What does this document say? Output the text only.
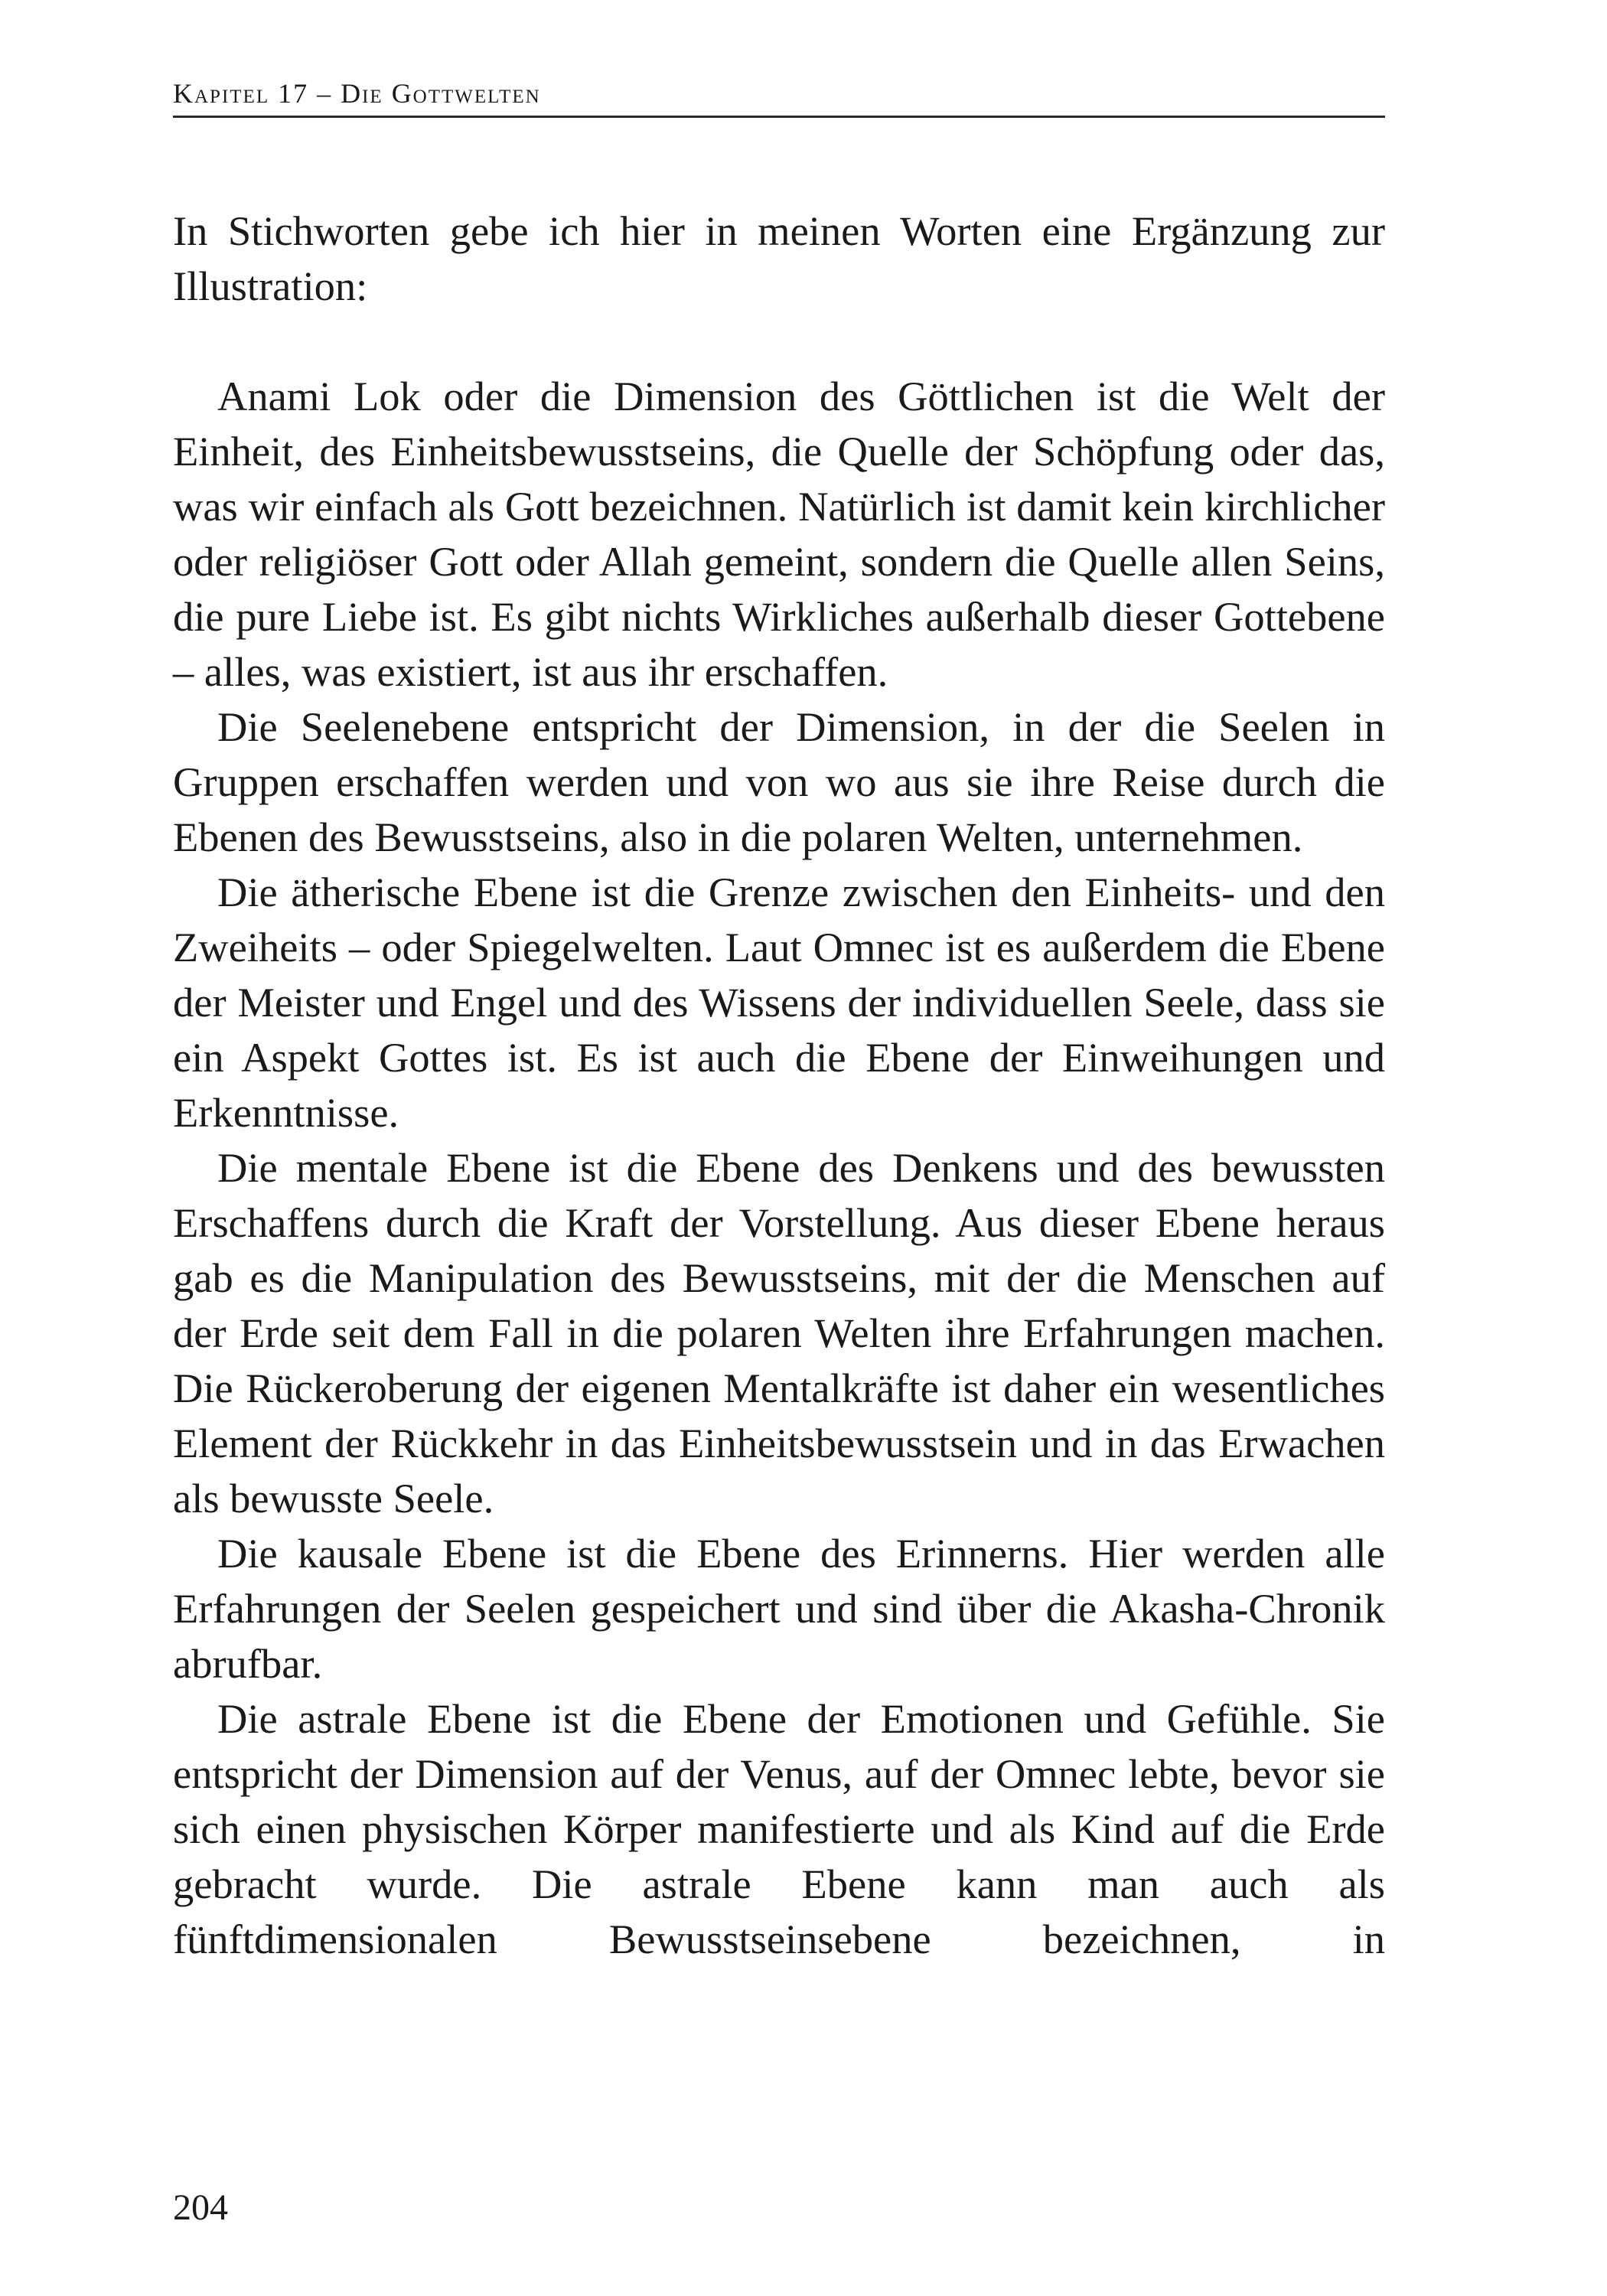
Kapitel 17 – Die Gottwelten

In Stichworten gebe ich hier in meinen Worten eine Ergänzung zur Illustration:

Anami Lok oder die Dimension des Göttlichen ist die Welt der Einheit, des Einheitsbewusstseins, die Quelle der Schöpfung oder das, was wir einfach als Gott bezeichnen. Natürlich ist damit kein kirchlicher oder religiöser Gott oder Allah gemeint, sondern die Quelle allen Seins, die pure Liebe ist. Es gibt nichts Wirkliches außerhalb dieser Gottebene – alles, was existiert, ist aus ihr erschaffen.

Die Seelenebene entspricht der Dimension, in der die Seelen in Gruppen erschaffen werden und von wo aus sie ihre Reise durch die Ebenen des Bewusstseins, also in die polaren Welten, unternehmen.

Die ätherische Ebene ist die Grenze zwischen den Einheits- und den Zweiheits – oder Spiegelwelten. Laut Omnec ist es außerdem die Ebene der Meister und Engel und des Wissens der individuellen Seele, dass sie ein Aspekt Gottes ist. Es ist auch die Ebene der Einweihungen und Erkenntnisse.

Die mentale Ebene ist die Ebene des Denkens und des bewussten Erschaffens durch die Kraft der Vorstellung. Aus dieser Ebene heraus gab es die Manipulation des Bewusstseins, mit der die Menschen auf der Erde seit dem Fall in die polaren Welten ihre Erfahrungen machen. Die Rückeroberung der eigenen Mentalkräfte ist daher ein wesentliches Element der Rückkehr in das Einheitsbewusstsein und in das Erwachen als bewusste Seele.

Die kausale Ebene ist die Ebene des Erinnerns. Hier werden alle Erfahrungen der Seelen gespeichert und sind über die Akasha-Chronik abrufbar.

Die astrale Ebene ist die Ebene der Emotionen und Gefühle. Sie entspricht der Dimension auf der Venus, auf der Omnec lebte, bevor sie sich einen physischen Körper manifestierte und als Kind auf die Erde gebracht wurde. Die astrale Ebene kann man auch als fünftdimensionalen Bewusstseinsebene bezeichnen, in

204
